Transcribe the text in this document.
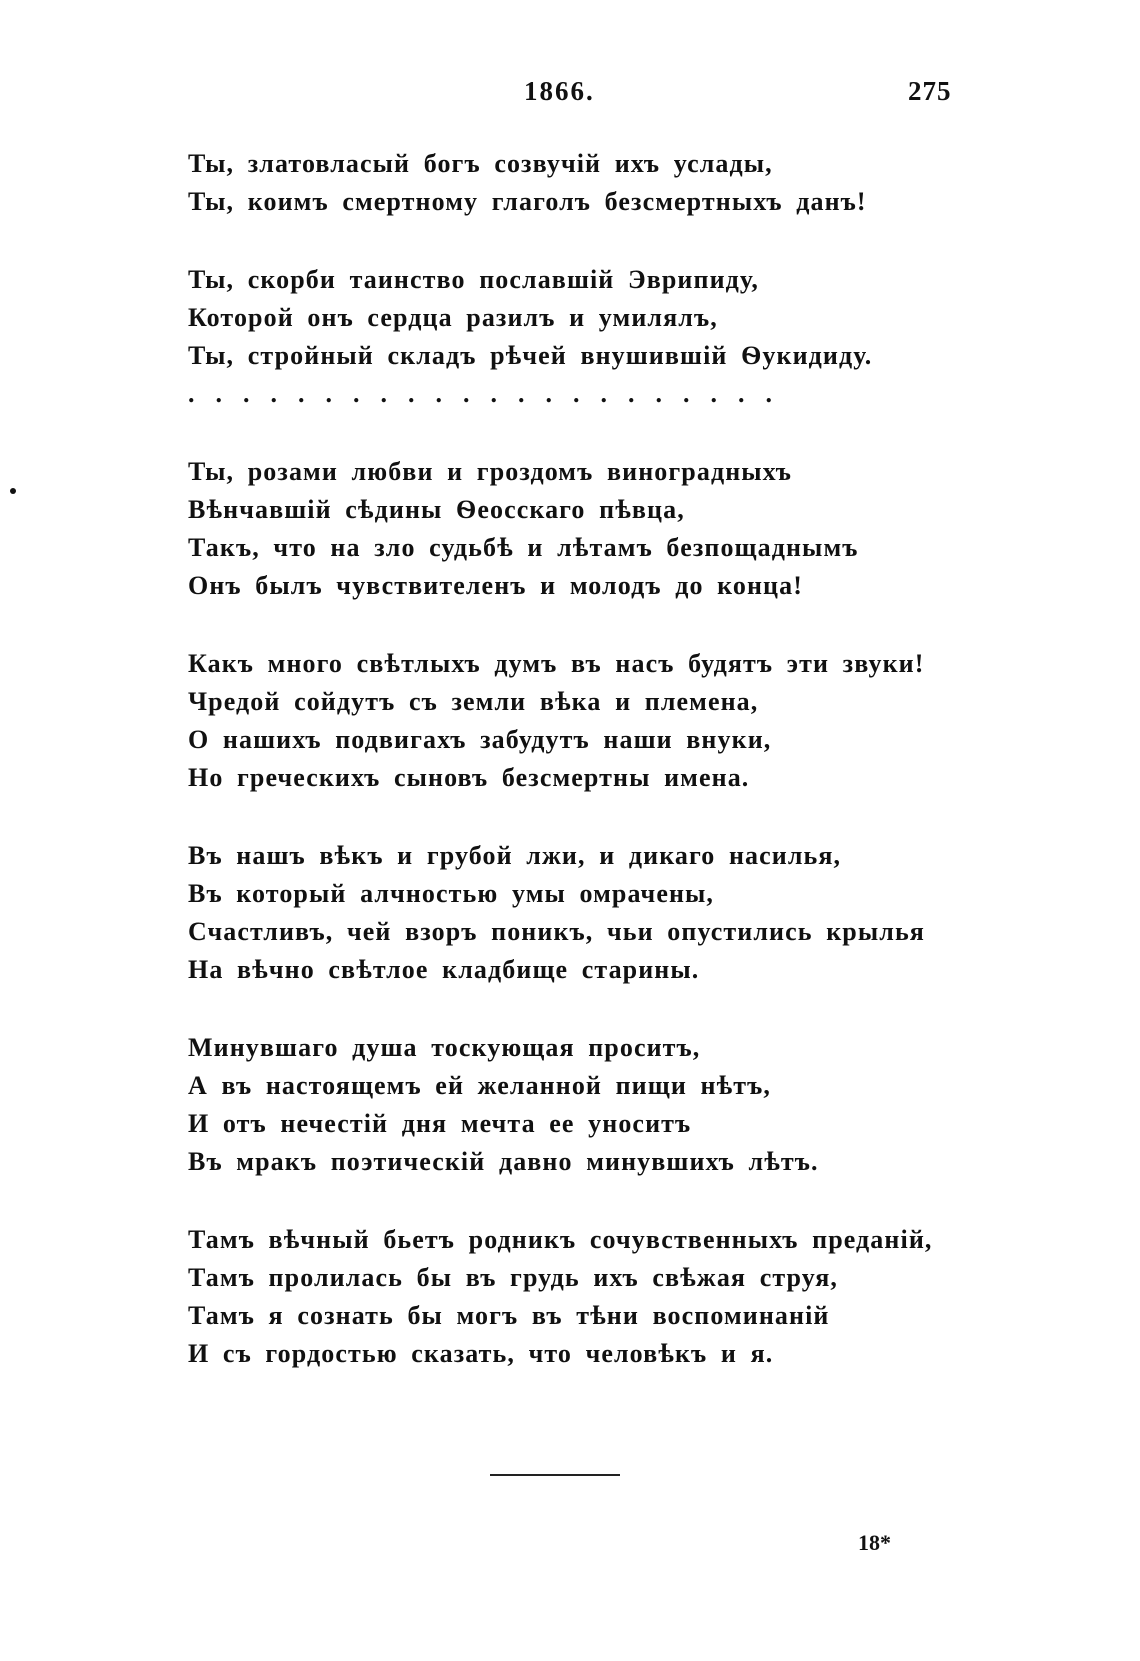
1866.	275
Ты, златовласый богъ созвучій ихъ услады,
Ты, коимъ смертному глаголъ безсмертныхъ данъ!
Ты, скорби таинство пославшій Эврипиду,
Которой онъ сердца разилъ и умилялъ,
Ты, стройный складъ рѣчей внушившій Ѳукидиду.
......................
Ты, розами любви и гроздомъ виноградныхъ
Вѣнчавшій сѣдины Ѳеосскаго пѣвца,
Такъ, что на зло судьбѣ и лѣтамъ безпощаднымъ
Онъ былъ чувствителенъ и молодъ до конца!
Какъ много свѣтлыхъ думъ въ насъ будятъ эти звуки!
Чредой сойдутъ съ земли вѣка и племена,
О нашихъ подвигахъ забудутъ наши внуки,
Но греческихъ сыновъ безсмертны имена.
Въ нашъ вѣкъ и грубой лжи, и дикаго насилья,
Въ который алчностью умы омрачены,
Счастливъ, чей взоръ поникъ, чьи опустились крылья
На вѣчно свѣтлое кладбище старины.
Минувшаго душа тоскующая проситъ,
А въ настоящемъ ей желанной пищи нѣтъ,
И отъ нечестій дня мечта ее уноситъ
Въ мракъ поэтическій давно минувшихъ лѣтъ.
Тамъ вѣчный бьетъ родникъ сочувственныхъ преданій,
Тамъ пролилась бы въ грудь ихъ свѣжая струя,
Тамъ я сознать бы могъ въ тѣни воспоминаній
И съ гордостью сказать, что человѣкъ и я.
18*
